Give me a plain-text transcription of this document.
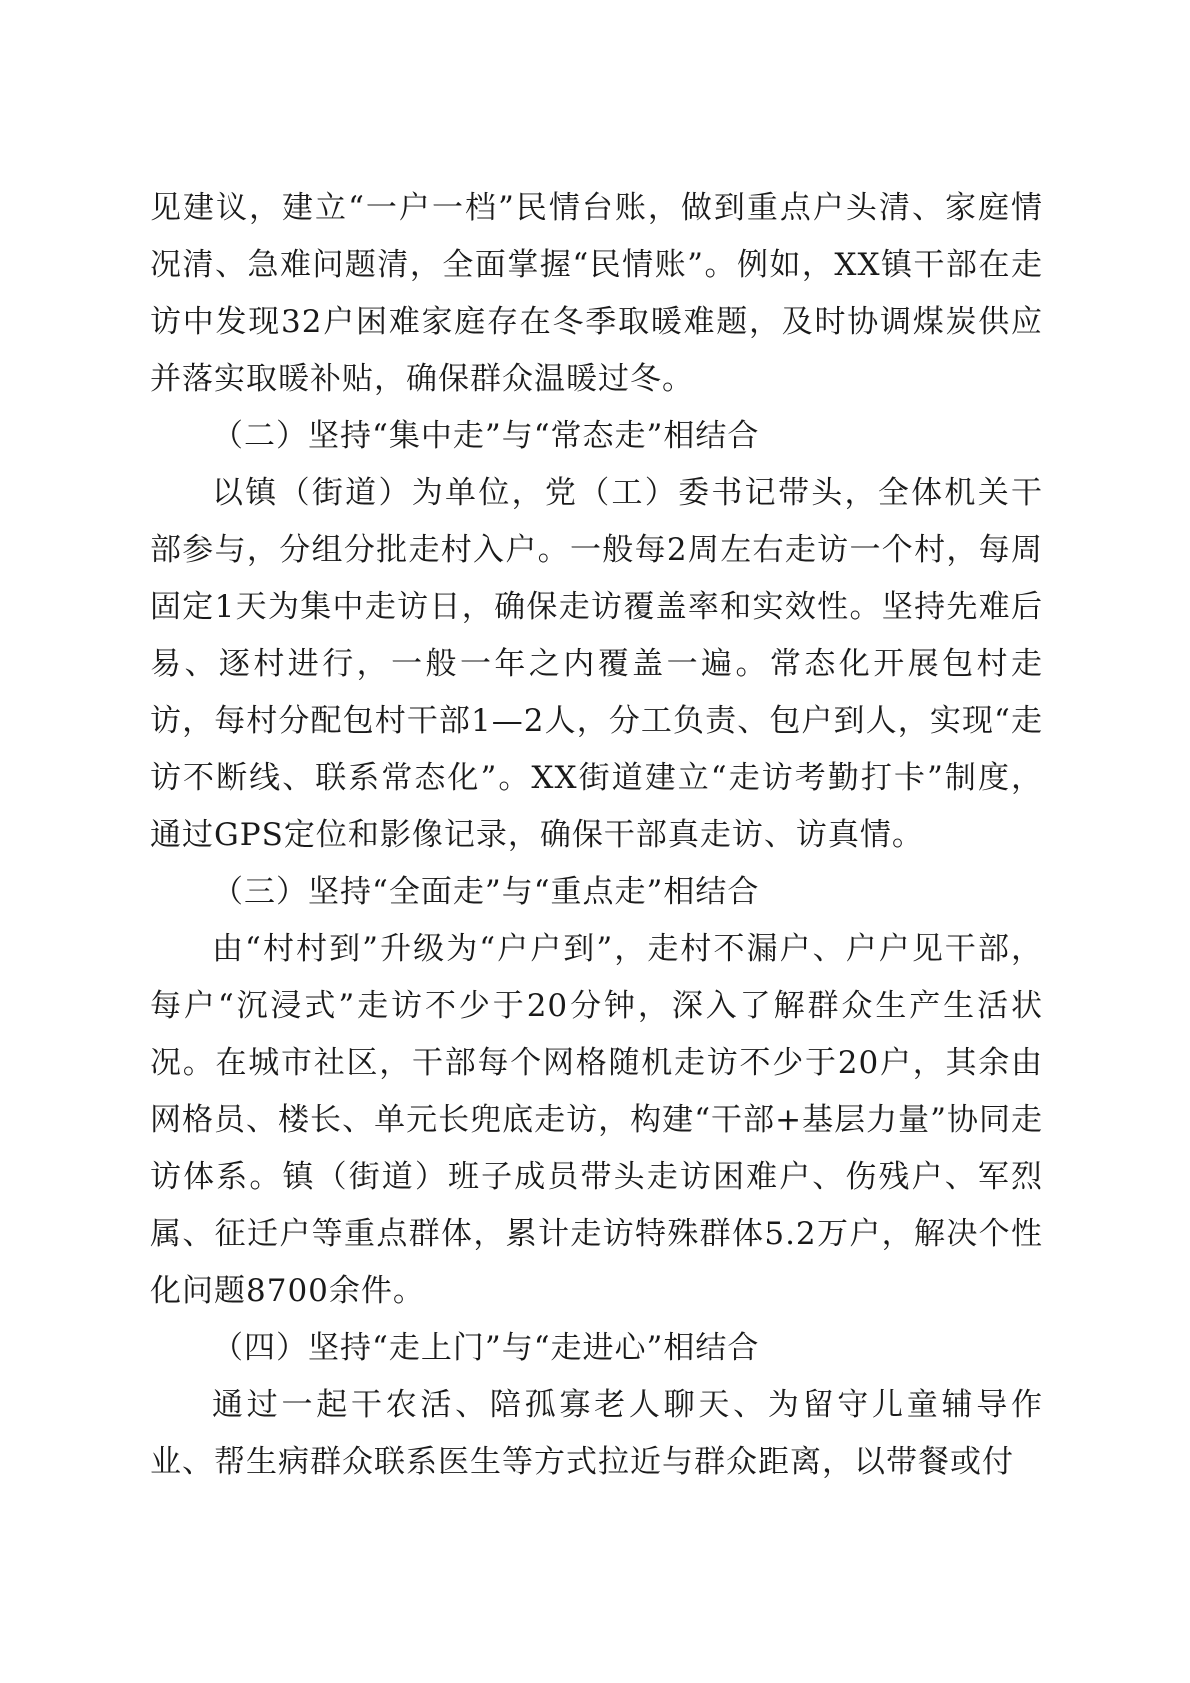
见建议，建立“一户一档”民情台账，做到重点户头清、家庭情况清、急难问题清，全面掌握“民情账”。例如，XX镇干部在走访中发现32户困难家庭存在冬季取暖难题，及时协调煤炭供应并落实取暖补贴，确保群众温暖过冬。

（二）坚持“集中走”与“常态走”相结合

以镇（街道）为单位，党（工）委书记带头，全体机关干部参与，分组分批走村入户。一般每2周左右走访一个村，每周固定1天为集中走访日，确保走访覆盖率和实效性。坚持先难后易、逐村进行，一般一年之内覆盖一遍。常态化开展包村走访，每村分配包村干部1—2人，分工负责、包户到人，实现“走访不断线、联系常态化”。XX街道建立“走访考勤打卡”制度，通过GPS定位和影像记录，确保干部真走访、访真情。

（三）坚持“全面走”与“重点走”相结合

由“村村到”升级为“户户到”，走村不漏户、户户见干部，每户“沉浸式”走访不少于20分钟，深入了解群众生产生活状况。在城市社区，干部每个网格随机走访不少于20户，其余由网格员、楼长、单元长兜底走访，构建“干部+基层力量”协同走访体系。镇（街道）班子成员带头走访困难户、伤残户、军烈属、征迁户等重点群体，累计走访特殊群体5.2万户，解决个性化问题8700余件。

（四）坚持“走上门”与“走进心”相结合

通过一起干农活、陪孤寡老人聊天、为留守儿童辅导作业、帮生病群众联系医生等方式拉近与群众距离，以带餐或付
